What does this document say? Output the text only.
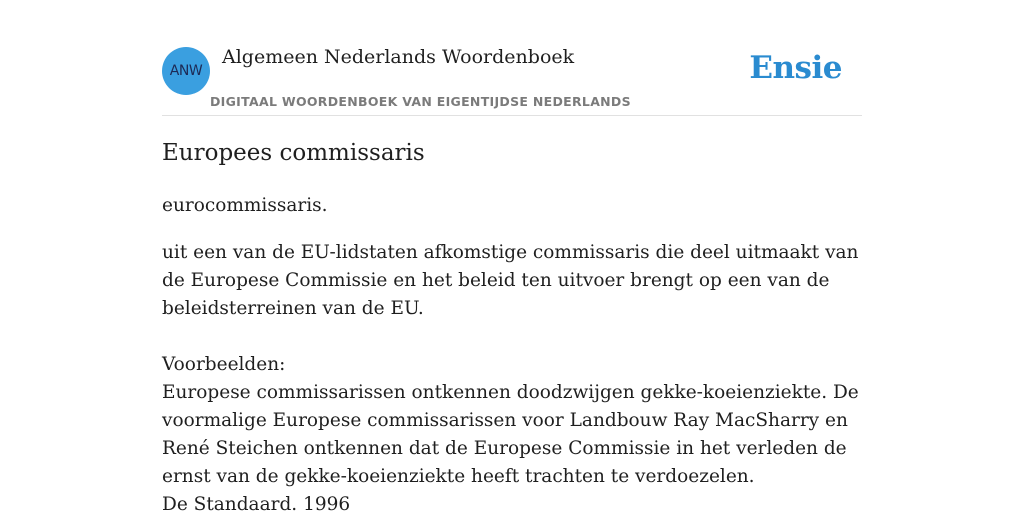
ANW
Algemeen Nederlands Woordenboek
DIGITAAL WOORDENBOEK VAN EIGENTIJDSE NEDERLANDS
Ensie
Europees commissaris
eurocommissaris.
uit een van de EU-lidstaten afkomstige commissaris die deel uitmaakt van de Europese Commissie en het beleid ten uitvoer brengt op een van de beleidsterreinen van de EU.
Voorbeelden:
Europese commissarissen ontkennen doodzwijgen gekke-koeienziekte. De voormalige Europese commissarissen voor Landbouw Ray MacSharry en René Steichen ontkennen dat de Europese Commissie in het verleden de ernst van de gekke-koeienziekte heeft trachten te verdoezelen.
De Standaard. 1996
